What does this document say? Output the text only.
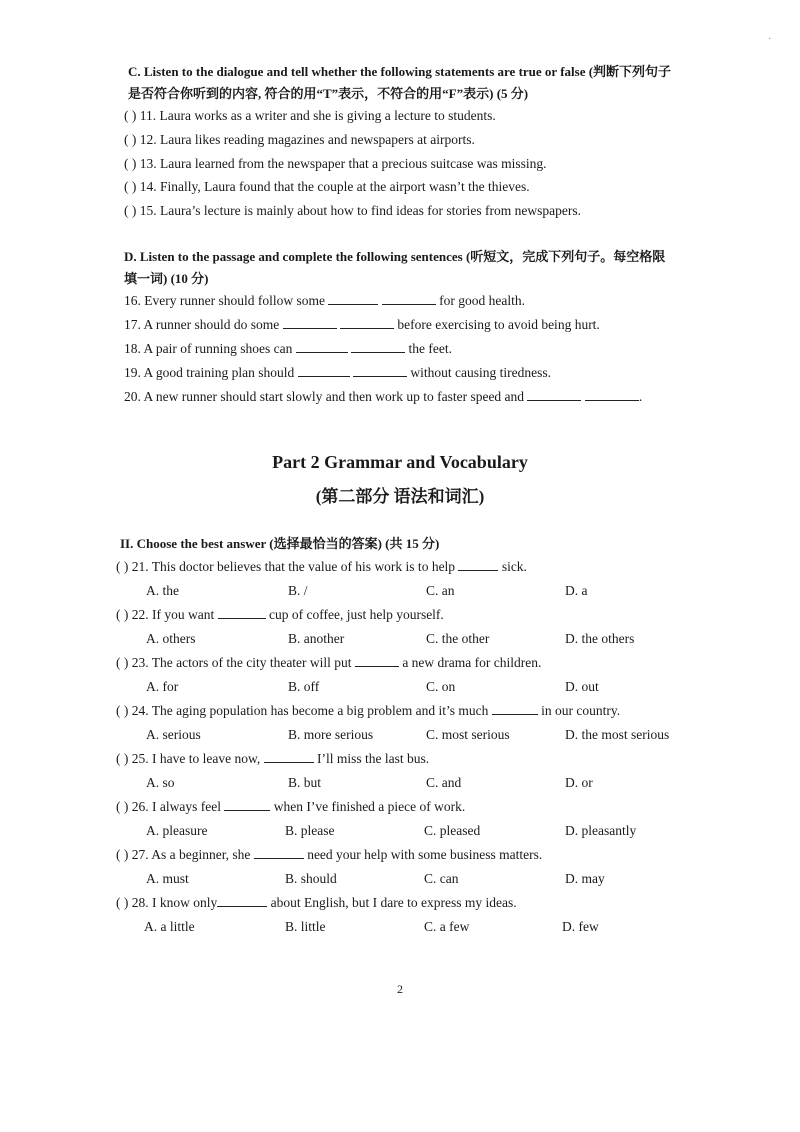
·
C. Listen to the dialogue and tell whether the following statements are true or false (判断下列句子
是否符合你听到的内容, 符合的用“T”表示，不符合的用“F”表示) (5 分)
( ) 11. Laura works as a writer and she is giving a lecture to students.
( ) 12. Laura likes reading magazines and newspapers at airports.
( ) 13. Laura learned from the newspaper that a precious suitcase was missing.
( ) 14. Finally, Laura found that the couple at the airport wasn’t the thieves.
( ) 15. Laura’s lecture is mainly about how to find ideas for stories from newspapers.
D. Listen to the passage and complete the following sentences (听短文，完成下列句子。每空格限
填一词) (10 分)
16. Every runner should follow some	for good health.
17. A runner should do some	before exercising to avoid being hurt.
18. A pair of running shoes can	the feet.
19. A good training plan should	without causing tiredness.
20. A new runner should start slowly and then work up to faster speed and	.
Part 2 Grammar and Vocabulary
(第二部分 语法和词汇)
II. Choose the best answer (选择最恰当的答案) (共 15 分)
( ) 21. This doctor believes that the value of his work is to help	sick.
A. the	B. /	C. an	D. a
( ) 22. If you want	cup of coffee, just help yourself.
A. others	B. another	C. the other	D. the others
( ) 23. The actors of the city theater will put	a new drama for children.
A. for	B. off	C. on	D. out
( ) 24. The aging population has become a big problem and it’s much	in our country.
A. serious	B. more serious	C. most serious	D. the most serious
( ) 25. I have to leave now,	I’ll miss the last bus.
A. so	B. but	C. and	D. or
( ) 26. I always feel	when I’ve finished a piece of work.
A. pleasure	B. please	C. pleased	D. pleasantly
( ) 27. As a beginner, she	need your help with some business matters.
A. must	B. should	C. can	D. may
( ) 28. I know only	about English, but I dare to express my ideas.
A. a little	B. little	C. a few	D. few
2
